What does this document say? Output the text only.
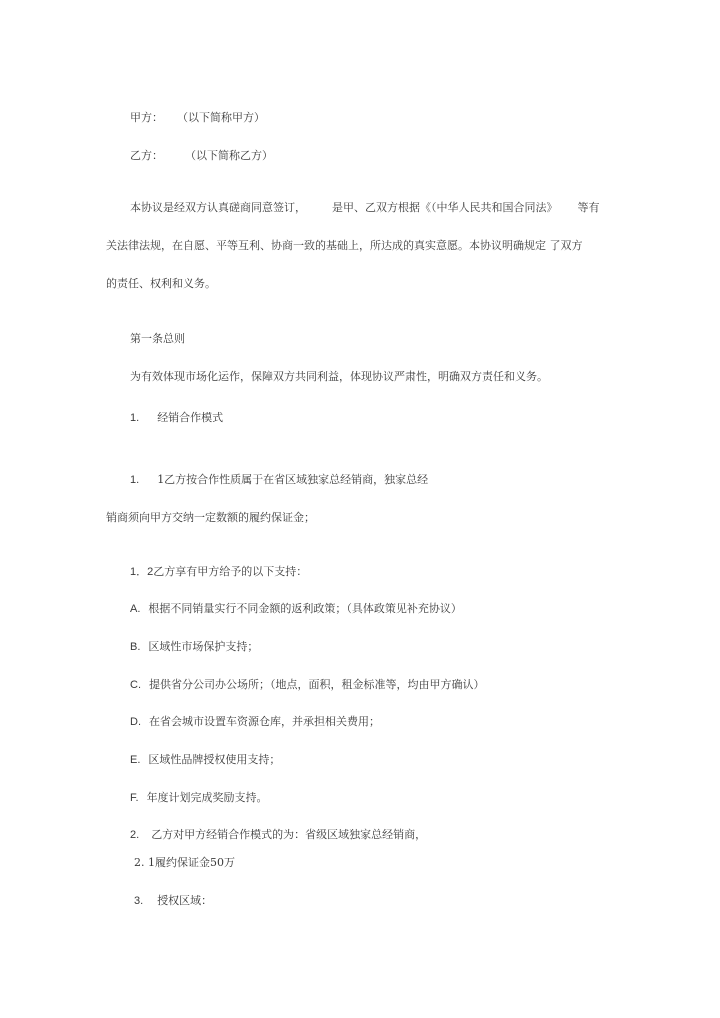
甲方： （以下简称甲方）
乙方： （以下简称乙方）
本协议是经双方认真磋商同意签订， 是甲、乙双方根据《（中华人民共和国合同法》 等有
关法律法规，在自愿、平等互利、协商一致的基础上，所达成的真实意愿。本协议明确规定 了双方
的责任、权利和义务。
第一条总则
为有效体现市场化运作，保障双方共同利益，体现协议严肃性，明确双方责任和义务。
1. 经销合作模式
1. 1乙方按合作性质属于在省区域独家总经销商，独家总经
销商须向甲方交纳一定数额的履约保证金；
1．2乙方享有甲方给予的以下支持：
A. 根据不同销量实行不同金额的返利政策；（具体政策见补充协议）
B. 区域性市场保护支持；
C. 提供省分公司办公场所；（地点，面积，租金标准等，均由甲方确认）
D. 在省会城市设置车资源仓库，并承担相关费用；
E. 区域性品牌授权使用支持；
F. 年度计划完成奖励支持。
2. 乙方对甲方经销合作模式的为：省级区域独家总经销商，
2. 1履约保证金50万
3. 授权区域：
